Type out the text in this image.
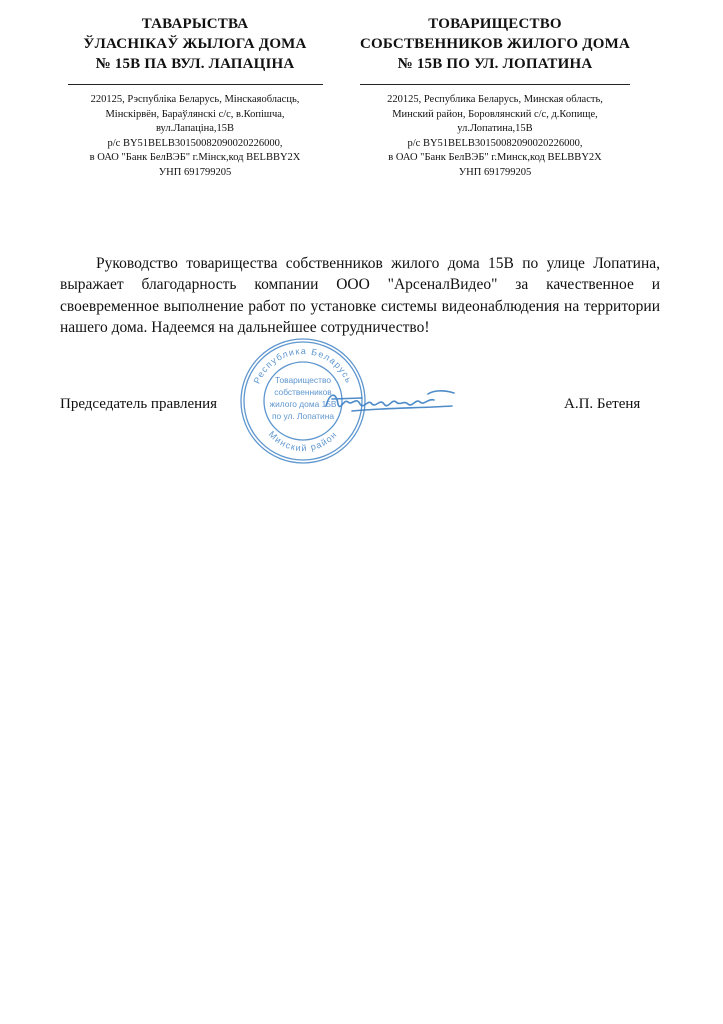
ТАВАРЫСТВА
ЎЛАСНІКАЎ ЖЫЛОГА ДОМА
№ 15В ПА ВУЛ. ЛАПАЦІНА
220125, Рэспубліка Беларусь, Мінскаяобласць,
Мінскірвён, Бараўлянскі с/с, в.Копішча,
вул.Лапаціна,15В
р/с BY51BELB30150082090020226000,
в ОАО "Банк БелВЭБ" г.Мінск,код BELBBY2X
УНП 691799205
ТОВАРИЩЕСТВО
СОБСТВЕННИКОВ ЖИЛОГО ДОМА
№ 15В ПО УЛ. ЛОПАТИНА
220125, Республика Беларусь, Минская область,
Минский район, Боровлянский с/с, д.Копище,
ул.Лопатина,15В
р/с BY51BELB30150082090020226000,
в ОАО "Банк БелВЭБ" г.Минск,код BELBBY2X
УНП 691799205

Руководство товарищества собственников жилого дома 15В по улице Лопатина, выражает благодарность компании ООО "АрсеналВидео" за качественное и своевременное выполнение работ по установке системы видеонаблюдения на территории нашего дома. Надеемся на дальнейшее сотрудничество!

Председатель правления	А.П. Бетеня
Республика Беларусь
Минский район
Товарищество
собственников
жилого дома 15В
по ул. Лопатина
